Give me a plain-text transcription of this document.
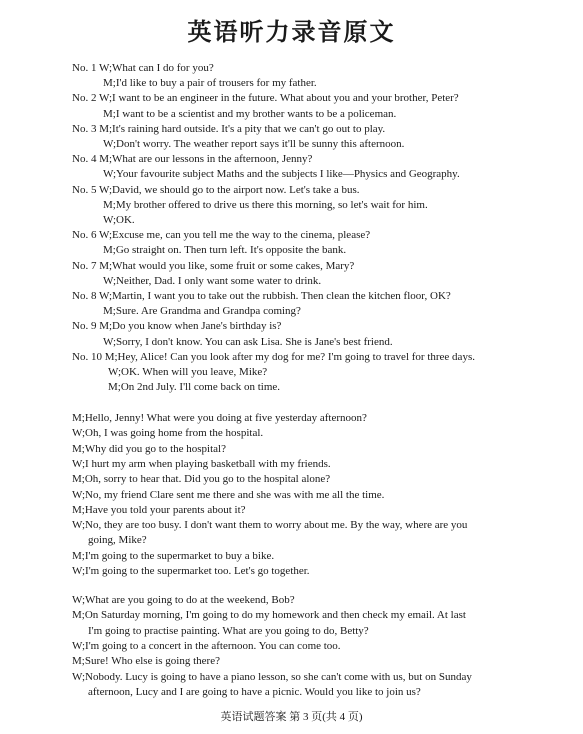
英语听力录音原文
No. 1 W;What can I do for you?
M;I'd like to buy a pair of trousers for my father.
No. 2 W;I want to be an engineer in the future. What about you and your brother, Peter?
M;I want to be a scientist and my brother wants to be a policeman.
No. 3 M;It's raining hard outside. It's a pity that we can't go out to play.
W;Don't worry. The weather report says it'll be sunny this afternoon.
No. 4 M;What are our lessons in the afternoon, Jenny?
W;Your favourite subject Maths and the subjects I like—Physics and Geography.
No. 5 W;David, we should go to the airport now. Let's take a bus.
M;My brother offered to drive us there this morning, so let's wait for him.
W;OK.
No. 6 W;Excuse me, can you tell me the way to the cinema, please?
M;Go straight on. Then turn left. It's opposite the bank.
No. 7 M;What would you like, some fruit or some cakes, Mary?
W;Neither, Dad. I only want some water to drink.
No. 8 W;Martin, I want you to take out the rubbish. Then clean the kitchen floor, OK?
M;Sure. Are Grandma and Grandpa coming?
No. 9 M;Do you know when Jane's birthday is?
W;Sorry, I don't know. You can ask Lisa. She is Jane's best friend.
No. 10 M;Hey, Alice! Can you look after my dog for me? I'm going to travel for three days.
W;OK. When will you leave, Mike?
M;On 2nd July. I'll come back on time.
M;Hello, Jenny! What were you doing at five yesterday afternoon?
W;Oh, I was going home from the hospital.
M;Why did you go to the hospital?
W;I hurt my arm when playing basketball with my friends.
M;Oh, sorry to hear that. Did you go to the hospital alone?
W;No, my friend Clare sent me there and she was with me all the time.
M;Have you told your parents about it?
W;No, they are too busy. I don't want them to worry about me. By the way, where are you
going, Mike?
M;I'm going to the supermarket to buy a bike.
W;I'm going to the supermarket too. Let's go together.
W;What are you going to do at the weekend, Bob?
M;On Saturday morning, I'm going to do my homework and then check my email. At last
I'm going to practise painting. What are you going to do, Betty?
W;I'm going to a concert in the afternoon. You can come too.
M;Sure! Who else is going there?
W;Nobody. Lucy is going to have a piano lesson, so she can't come with us, but on Sunday
afternoon, Lucy and I are going to have a picnic. Would you like to join us?
英语试题答案 第 3 页(共 4 页)
